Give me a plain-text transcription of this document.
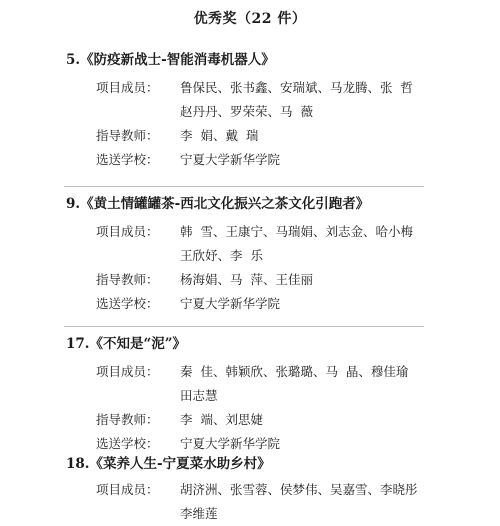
优秀奖（22 件）
5.《防疫新战士-智能消毒机器人》
项目成员：	鲁保民、张书鑫、安瑞斌、马龙腾、张  哲
赵丹丹、罗荣荣、马  薇
指导教师：	李  娟、戴  瑞
选送学校：	宁夏大学新华学院
9.《黄土情罐罐茶-西北文化振兴之茶文化引跑者》
项目成员：	韩  雪、王康宁、马瑞娟、刘志金、哈小梅
王欣妤、李  乐
指导教师：	杨海娟、马  萍、王佳丽
选送学校：	宁夏大学新华学院
17.《不知是“泥”》
项目成员：	秦  佳、韩颖欣、张璐璐、马  晶、穆佳瑜
田志慧
指导教师：	李  端、刘思婕
选送学校：	宁夏大学新华学院
18.《菜养人生-宁夏菜水助乡村》
项目成员：	胡济洲、张雪蓉、侯梦伟、吴嘉雪、李晓彤
李维莲
